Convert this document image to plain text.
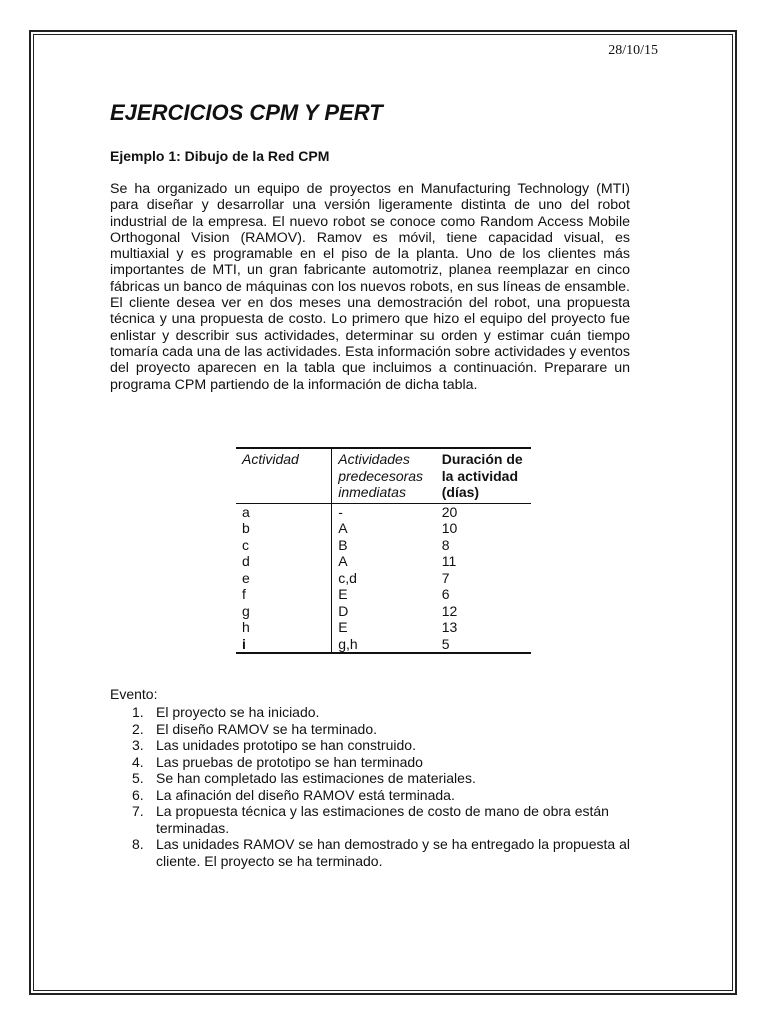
28/10/15
EJERCICIOS CPM Y PERT
Ejemplo 1: Dibujo de la Red CPM

Se ha organizado un equipo de proyectos en Manufacturing Technology (MTI) para diseñar y desarrollar una versión ligeramente distinta de uno del robot industrial de la empresa. El nuevo robot se conoce como Random Access Mobile Orthogonal Vision (RAMOV). Ramov es móvil, tiene capacidad visual, es multiaxial y es programable en el piso de la planta. Uno de los clientes más importantes de MTI, un gran fabricante automotriz, planea reemplazar en cinco fábricas un banco de máquinas con los nuevos robots, en sus líneas de ensamble. El cliente desea ver en dos meses una demostración del robot, una propuesta técnica y una propuesta de costo. Lo primero que hizo el equipo del proyecto fue enlistar y describir sus actividades, determinar su orden y estimar cuán tiempo tomaría cada una de las actividades. Esta información sobre actividades y eventos del proyecto aparecen en la tabla que incluimos a continuación. Preparare un programa CPM partiendo de la información de dicha tabla.

Actividad	Actividades predecesoras inmediatas	Duración de la actividad (días)
a	-	20
b	A	10
c	B	8
d	A	11
e	c,d	7
f	E	6
g	D	12
h	E	13
i	g,h	5

Evento:

El proyecto se ha iniciado.
El diseño RAMOV se ha terminado.
Las unidades prototipo se han construido.
Las pruebas de prototipo se han terminado
Se han completado las estimaciones de materiales.
La afinación del diseño RAMOV está terminada.
La propuesta técnica y las estimaciones de costo de mano de obra están terminadas.
Las unidades RAMOV se han demostrado y se ha entregado la propuesta al cliente. El proyecto se ha terminado.
